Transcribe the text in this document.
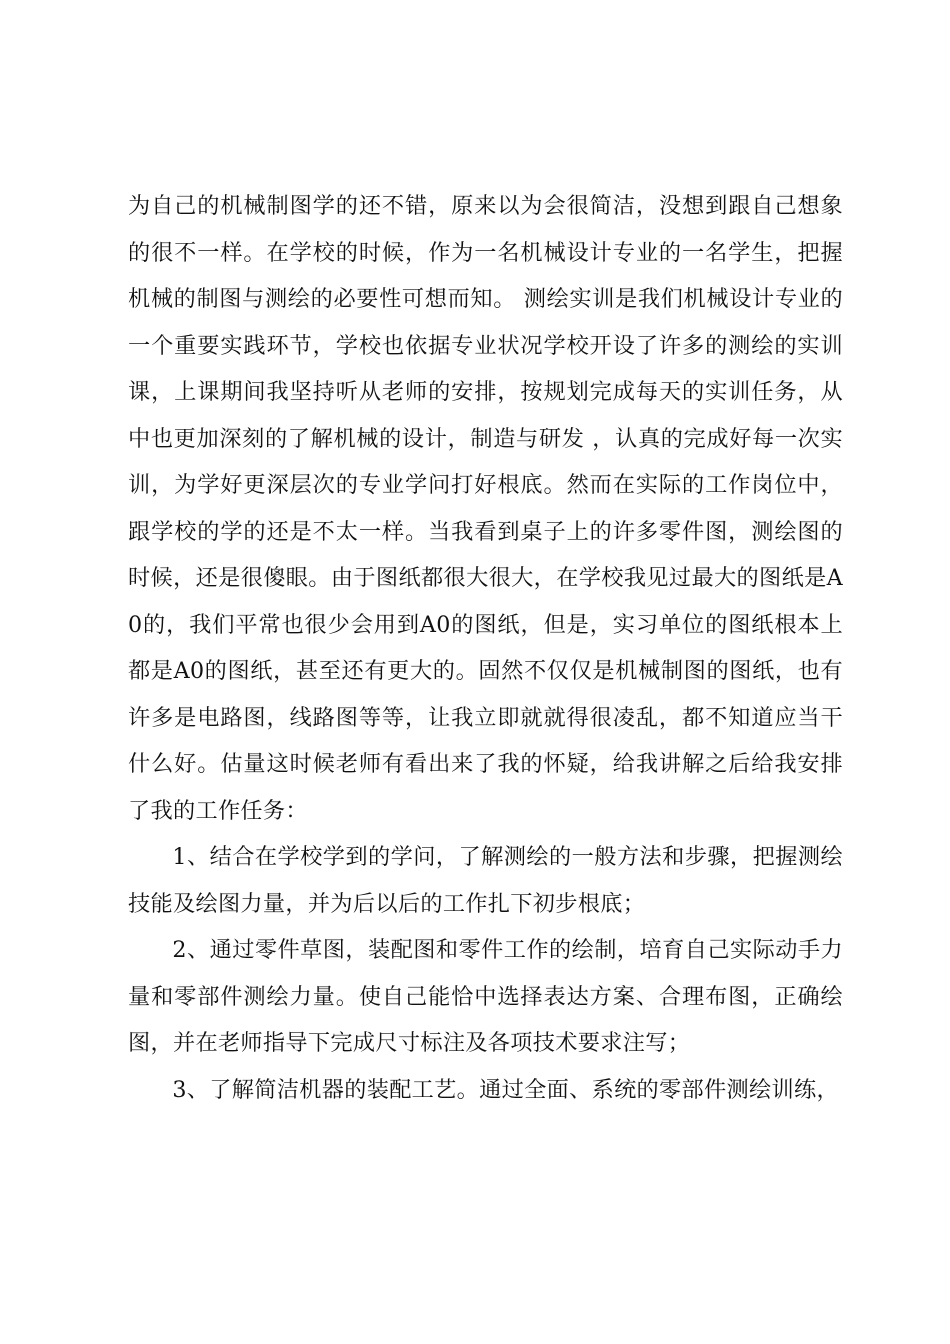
为自己的机械制图学的还不错，原来以为会很简洁，没想到跟自己想象的很不一样。在学校的时候，作为一名机械设计专业的一名学生，把握机械的制图与测绘的必要性可想而知。 测绘实训是我们机械设计专业的一个重要实践环节，学校也依据专业状况学校开设了许多的测绘的实训课，上课期间我坚持听从老师的安排，按规划完成每天的实训任务，从中也更加深刻的了解机械的设计，制造与研发 ，认真的完成好每一次实训，为学好更深层次的专业学问打好根底。然而在实际的工作岗位中，跟学校的学的还是不太一样。当我看到桌子上的许多零件图，测绘图的时候，还是很傻眼。由于图纸都很大很大，在学校我见过最大的图纸是A0的，我们平常也很少会用到A0的图纸，但是，实习单位的图纸根本上都是A0的图纸，甚至还有更大的。固然不仅仅是机械制图的图纸，也有许多是电路图，线路图等等，让我立即就就得很凌乱，都不知道应当干什么好。估量这时候老师有看出来了我的怀疑，给我讲解之后给我安排了我的工作任务：

1、结合在学校学到的学问，了解测绘的一般方法和步骤，把握测绘技能及绘图力量，并为后以后的工作扎下初步根底；

2、通过零件草图，装配图和零件工作的绘制，培育自己实际动手力量和零部件测绘力量。使自己能恰中选择表达方案、合理布图，正确绘图，并在老师指导下完成尺寸标注及各项技术要求注写；

3、了解简洁机器的装配工艺。通过全面、系统的零部件测绘训练，
